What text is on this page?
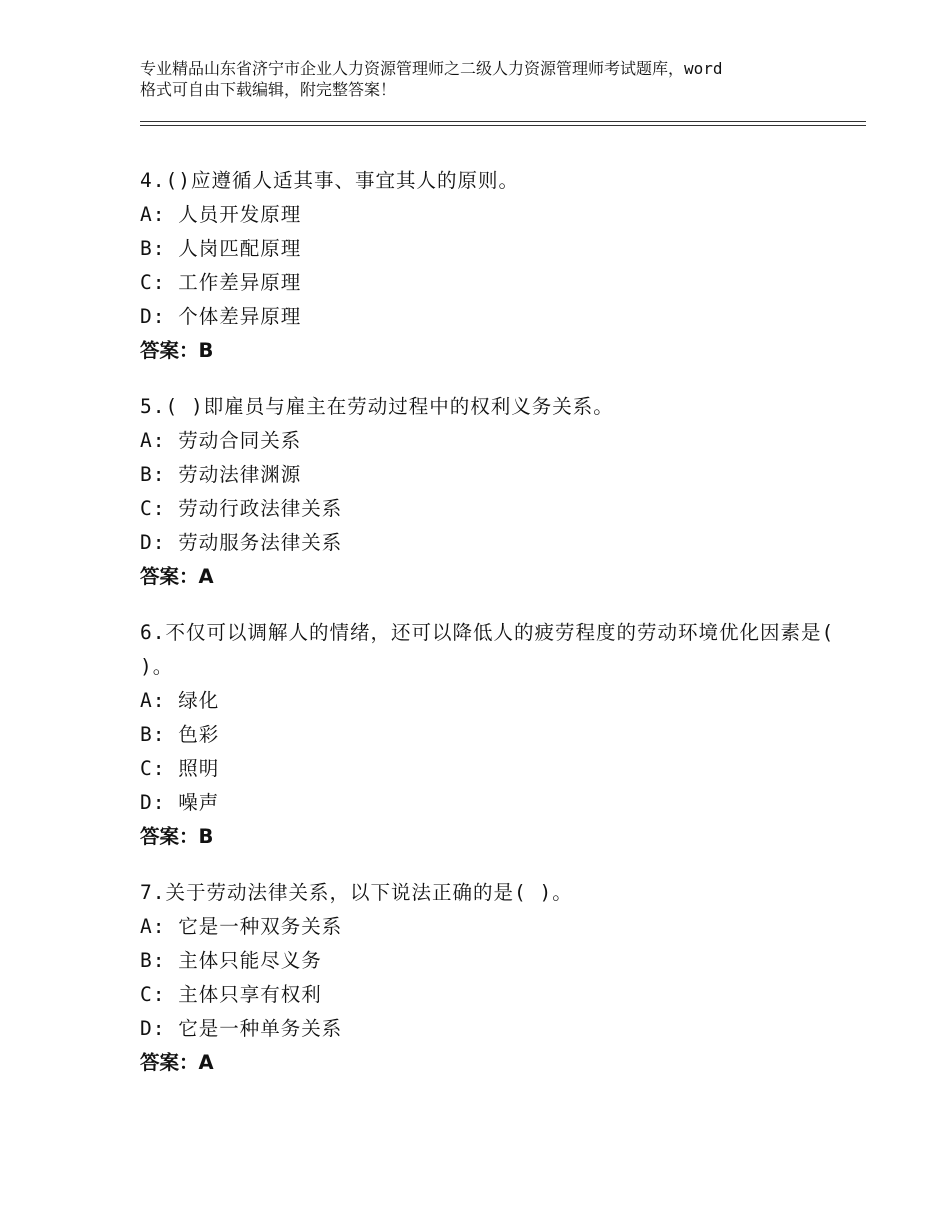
专业精品山东省济宁市企业人力资源管理师之二级人力资源管理师考试题库，word
格式可自由下载编辑，附完整答案！
4.()应遵循人适其事、事宜其人的原则。
A: 人员开发原理
B: 人岗匹配原理
C: 工作差异原理
D: 个体差异原理
答案：B
5.( )即雇员与雇主在劳动过程中的权利义务关系。
A: 劳动合同关系
B: 劳动法律渊源
C: 劳动行政法律关系
D: 劳动服务法律关系
答案：A
6.不仅可以调解人的情绪，还可以降低人的疲劳程度的劳动环境优化因素是( )。
A: 绿化
B: 色彩
C: 照明
D: 噪声
答案：B
7.关于劳动法律关系，以下说法正确的是( )。
A: 它是一种双务关系
B: 主体只能尽义务
C: 主体只享有权利
D: 它是一种单务关系
答案：A
